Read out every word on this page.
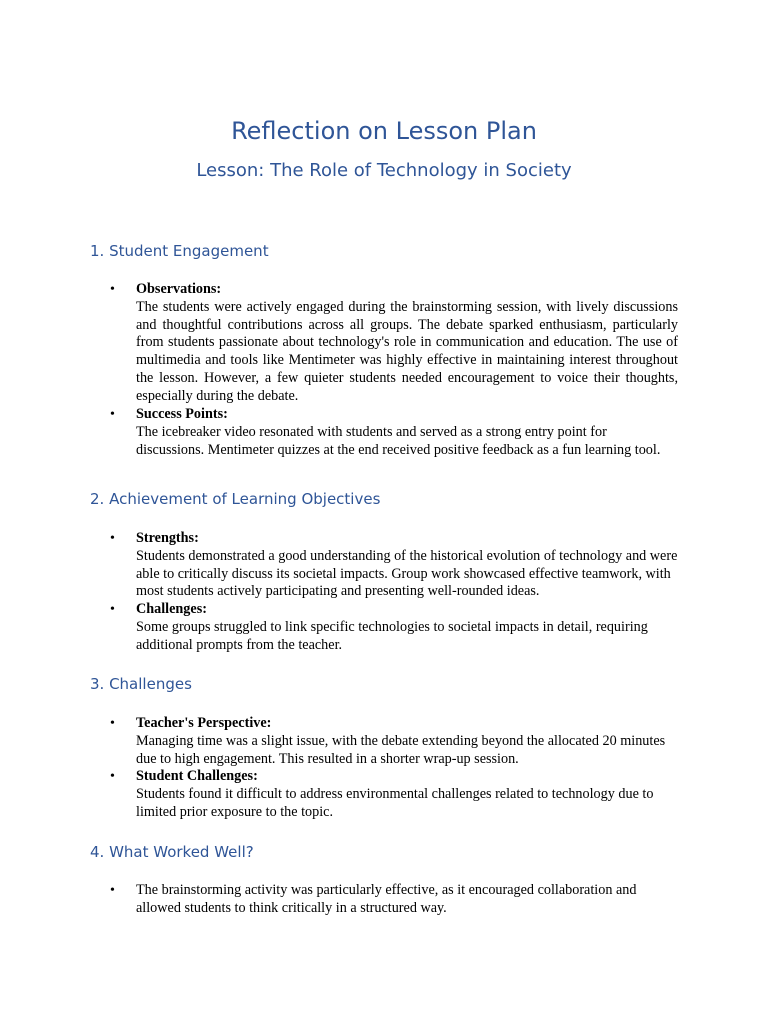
Reflection on Lesson Plan
Lesson: The Role of Technology in Society
1. Student Engagement
•	Observations:
The students were actively engaged during the brainstorming session, with lively discussions and thoughtful contributions across all groups. The debate sparked enthusiasm, particularly from students passionate about technology's role in communication and education. The use of multimedia and tools like Mentimeter was highly effective in maintaining interest throughout the lesson. However, a few quieter students needed encouragement to voice their thoughts, especially during the debate.
•	Success Points:
The icebreaker video resonated with students and served as a strong entry point for discussions. Mentimeter quizzes at the end received positive feedback as a fun learning tool.
2. Achievement of Learning Objectives
•	Strengths:
Students demonstrated a good understanding of the historical evolution of technology and were able to critically discuss its societal impacts. Group work showcased effective teamwork, with most students actively participating and presenting well-rounded ideas.
•	Challenges:
Some groups struggled to link specific technologies to societal impacts in detail, requiring additional prompts from the teacher.
3. Challenges
•	Teacher's Perspective:
Managing time was a slight issue, with the debate extending beyond the allocated 20 minutes due to high engagement. This resulted in a shorter wrap-up session.
•	Student Challenges:
Students found it difficult to address environmental challenges related to technology due to limited prior exposure to the topic.
4. What Worked Well?
•	The brainstorming activity was particularly effective, as it encouraged collaboration and allowed students to think critically in a structured way.
